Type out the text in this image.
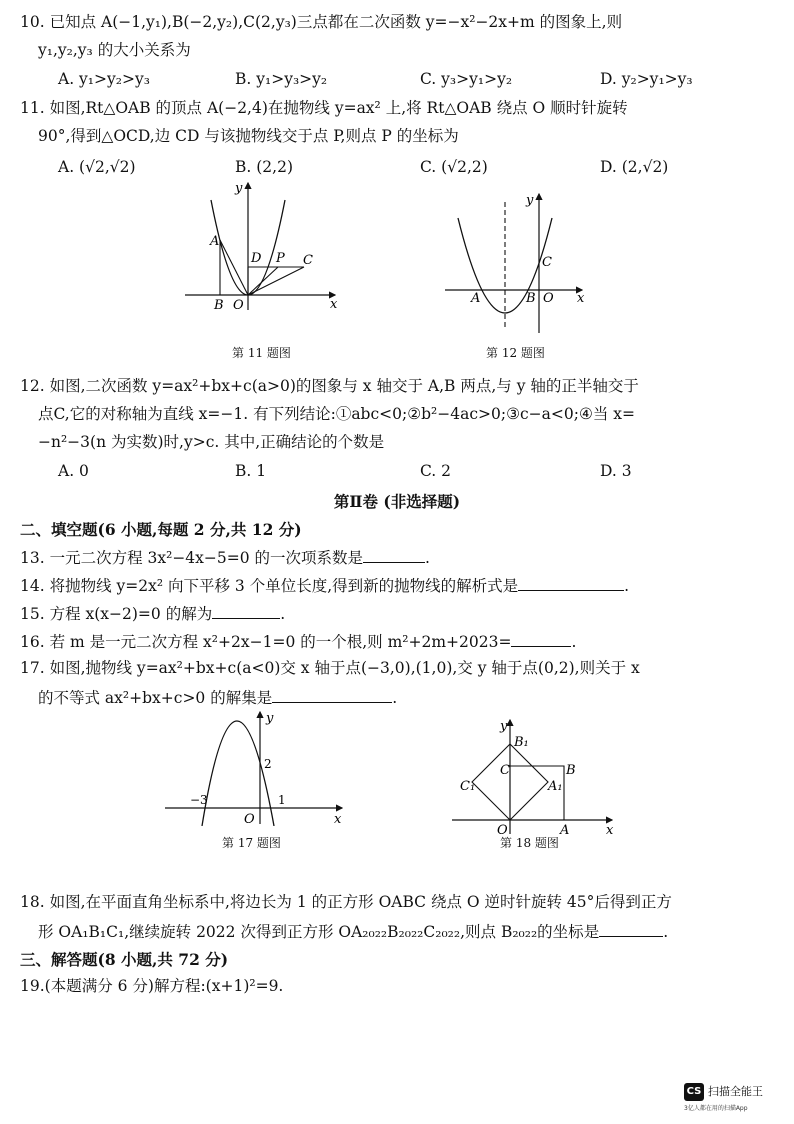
10. 已知点 A(−1,y₁),B(−2,y₂),C(2,y₃)三点都在二次函数 y=−x²−2x+m 的图象上,则
y₁,y₂,y₃ 的大小关系为
A. y₁>y₂>y₃	B. y₁>y₃>y₂	C. y₃>y₁>y₂	D. y₂>y₁>y₃
11. 如图,Rt△OAB 的顶点 A(−2,4)在抛物线 y=ax² 上,将 Rt△OAB 绕点 O 顺时针旋转
90°,得到△OCD,边 CD 与该抛物线交于点 P,则点 P 的坐标为
A. (√2,√2)	B. (2,2)	C. (√2,2)	D. (2,√2)
y
x
A
B O
D P C
第 11 题图
y
x
A	B O
C
第 12 题图
12. 如图,二次函数 y=ax²+bx+c(a>0)的图象与 x 轴交于 A,B 两点,与 y 轴的正半轴交于
点C,它的对称轴为直线 x=−1. 有下列结论:①abc<0;②b²−4ac>0;③c−a<0;④当 x=
−n²−3(n 为实数)时,y>c. 其中,正确结论的个数是
A. 0	B. 1	C. 2	D. 3
第Ⅱ卷 (非选择题)
二、填空题(6 小题,每题 2 分,共 12 分)
13. 一元二次方程 3x²−4x−5=0 的一次项系数是	.
14. 将抛物线 y=2x² 向下平移 3 个单位长度,得到新的抛物线的解析式是	.
15. 方程 x(x−2)=0 的解为	.
16. 若 m 是一元二次方程 x²+2x−1=0 的一个根,则 m²+2m+2023=	.
17. 如图,抛物线 y=ax²+bx+c(a<0)交 x 轴于点(−3,0),(1,0),交 y 轴于点(0,2),则关于 x
的不等式 ax²+bx+c>0 的解集是	.
y
x
O
−3	1
2
第 17 题图
y
x
O	A
B
C
A₁
B₁
C₁
第 18 题图
18. 如图,在平面直角坐标系中,将边长为 1 的正方形 OABC 绕点 O 逆时针旋转 45°后得到正方
形 OA₁B₁C₁,继续旋转 2022 次得到正方形 OA₂₀₂₂B₂₀₂₂C₂₀₂₂,则点 B₂₀₂₂的坐标是	.
三、解答题(8 小题,共 72 分)
19.(本题满分 6 分)解方程:(x+1)²=9.
CS 扫描全能王
3亿人都在用的扫描App
